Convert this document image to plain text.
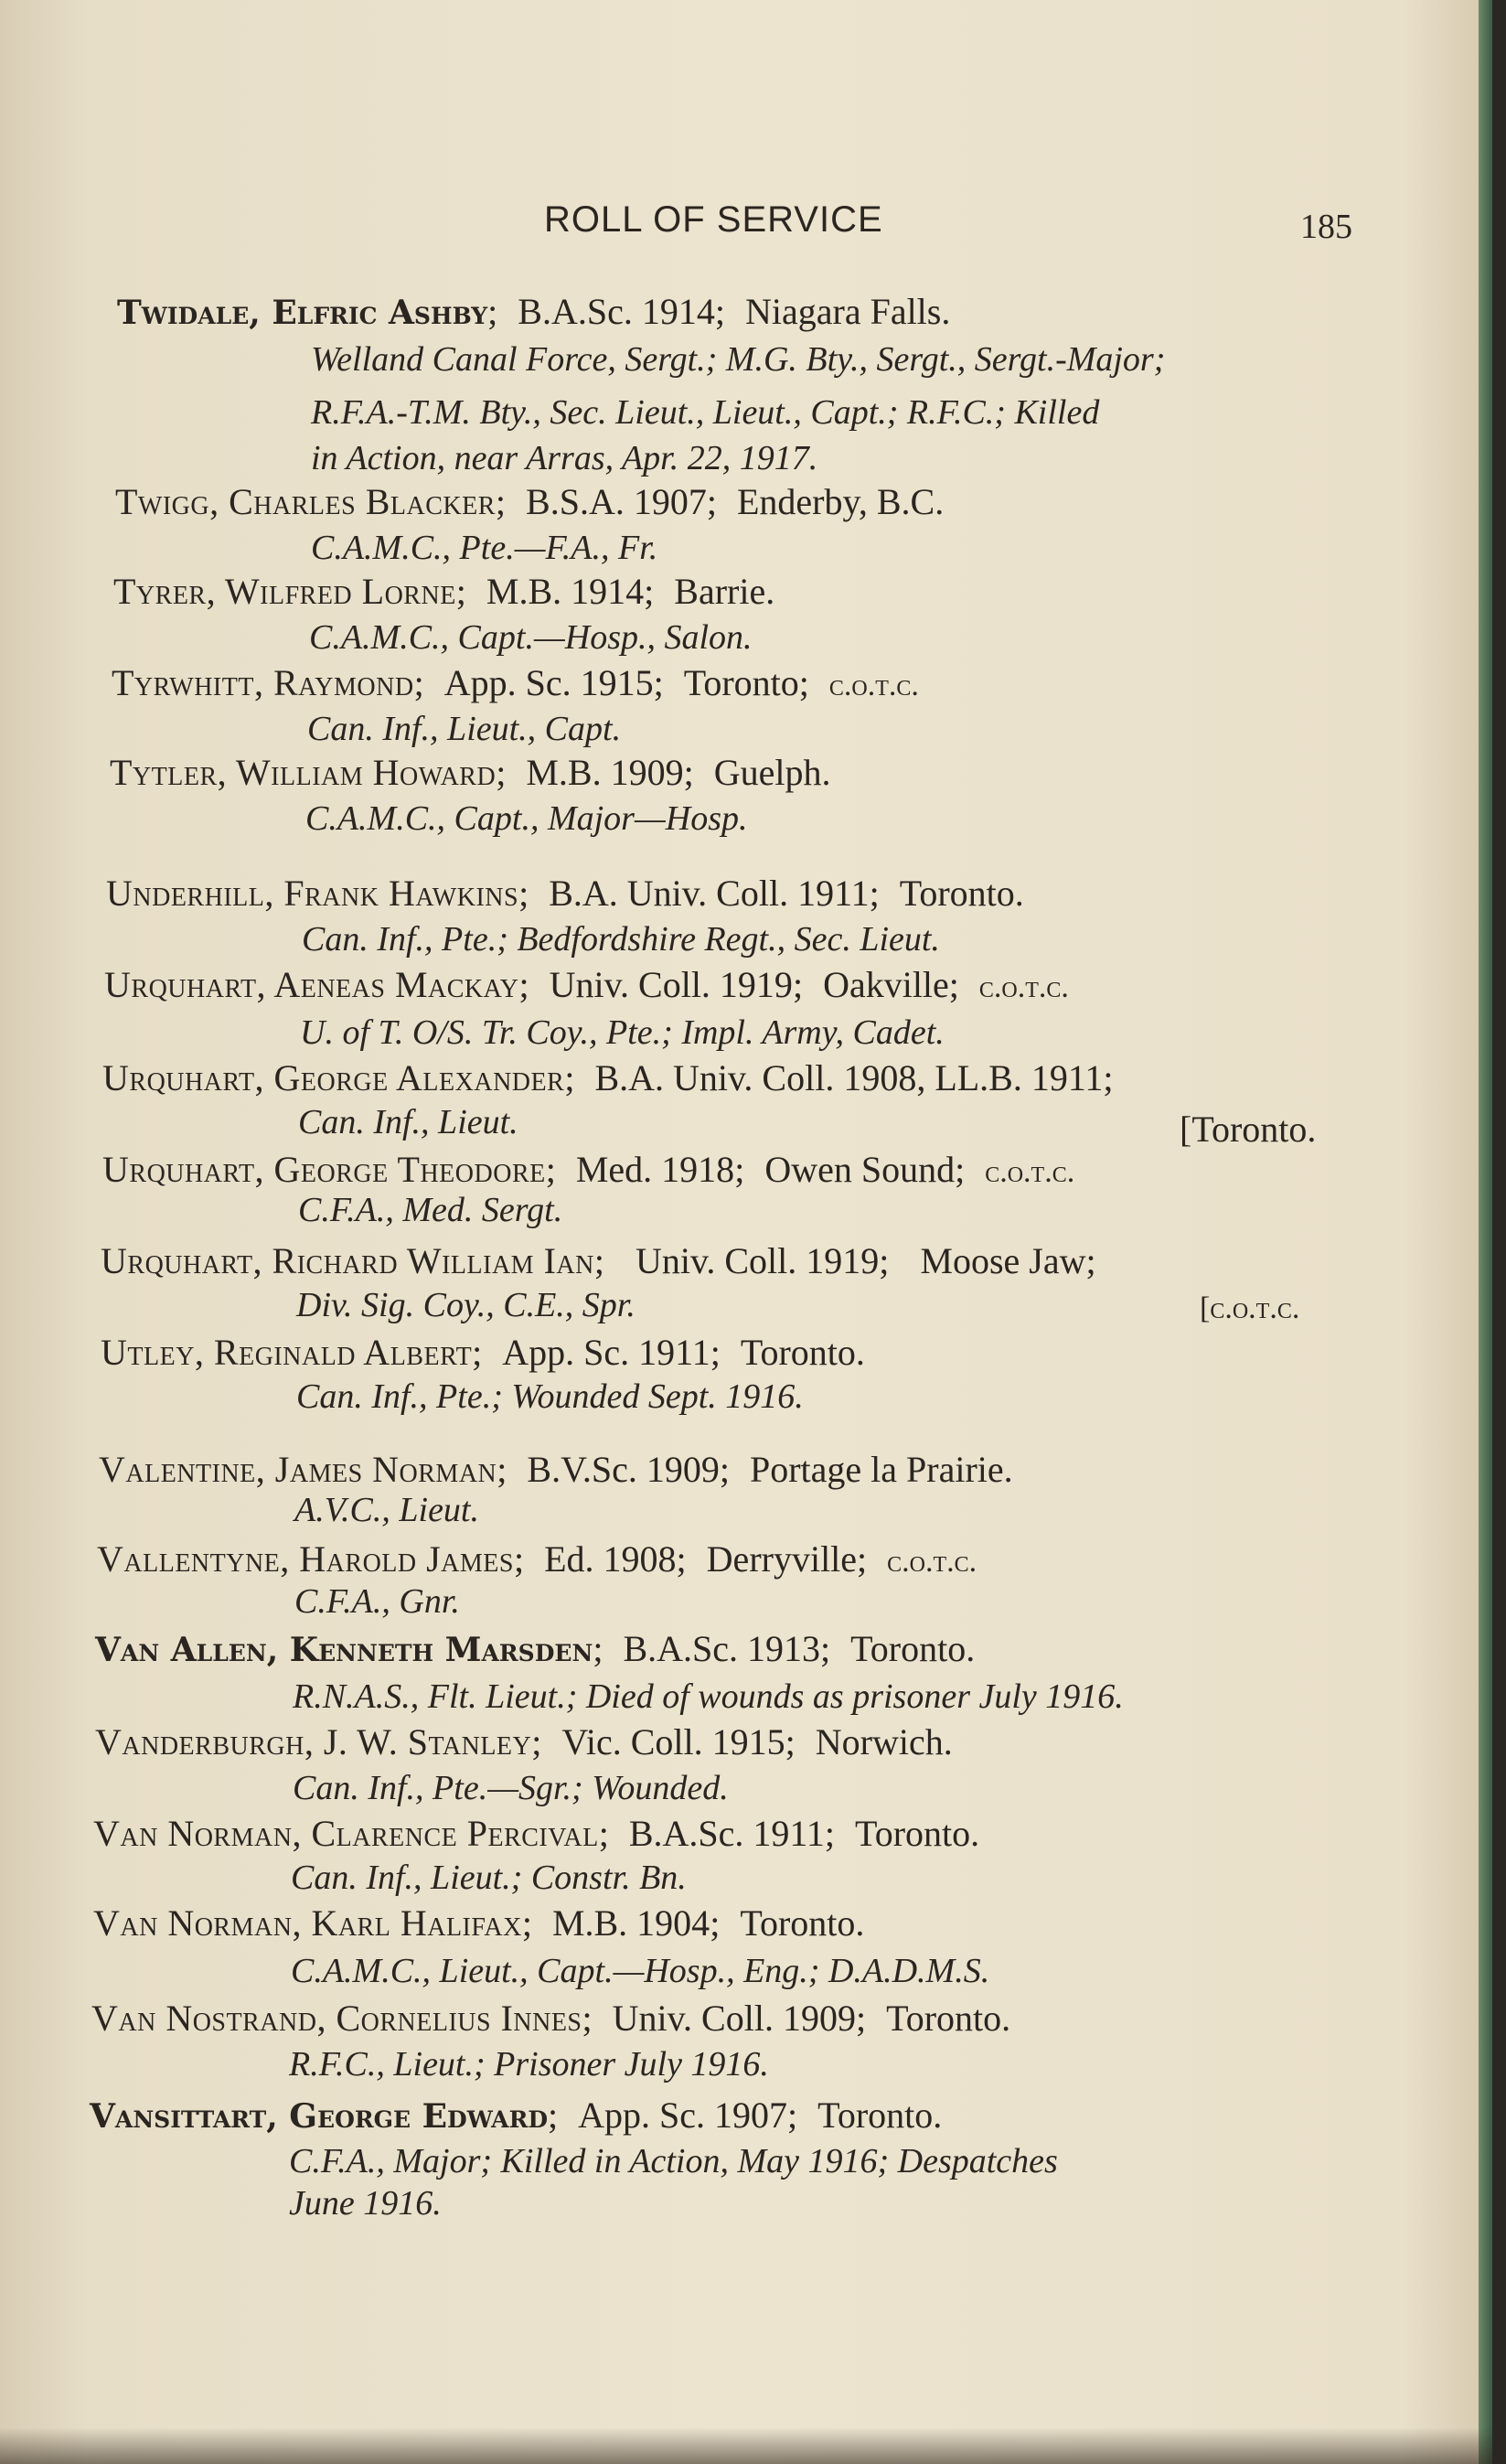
ROLL OF SERVICE	185
Twidale, Elfric Ashby; B.A.Sc. 1914; Niagara Falls.
Welland Canal Force, Sergt.; M.G. Bty., Sergt., Sergt.-Major;
R.F.A.-T.M. Bty., Sec. Lieut., Lieut., Capt.; R.F.C.; Killed
in Action, near Arras, Apr. 22, 1917.
Twigg, Charles Blacker; B.S.A. 1907; Enderby, B.C.
C.A.M.C., Pte.—F.A., Fr.
Tyrer, Wilfred Lorne; M.B. 1914; Barrie.
C.A.M.C., Capt.—Hosp., Salon.
Tyrwhitt, Raymond; App. Sc. 1915; Toronto; c.o.t.c.
Can. Inf., Lieut., Capt.
Tytler, William Howard; M.B. 1909; Guelph.
C.A.M.C., Capt., Major—Hosp.
Underhill, Frank Hawkins; B.A. Univ. Coll. 1911; Toronto.
Can. Inf., Pte.; Bedfordshire Regt., Sec. Lieut.
Urquhart, Aeneas Mackay; Univ. Coll. 1919; Oakville; c.o.t.c.
U. of T. O/S. Tr. Coy., Pte.; Impl. Army, Cadet.
Urquhart, George Alexander; B.A. Univ. Coll. 1908, LL.B. 1911;
Can. Inf., Lieut.	[Toronto.
Urquhart, George Theodore; Med. 1918; Owen Sound; c.o.t.c.
C.F.A., Med. Sergt.
Urquhart, Richard William Ian; Univ. Coll. 1919; Moose Jaw;
Div. Sig. Coy., C.E., Spr.	[c.o.t.c.
Utley, Reginald Albert; App. Sc. 1911; Toronto.
Can. Inf., Pte.; Wounded Sept. 1916.
Valentine, James Norman; B.V.Sc. 1909; Portage la Prairie.
A.V.C., Lieut.
Vallentyne, Harold James; Ed. 1908; Derryville; c.o.t.c.
C.F.A., Gnr.
Van Allen, Kenneth Marsden; B.A.Sc. 1913; Toronto.
R.N.A.S., Flt. Lieut.; Died of wounds as prisoner July 1916.
Vanderburgh, J. W. Stanley; Vic. Coll. 1915; Norwich.
Can. Inf., Pte.—Sgr.; Wounded.
Van Norman, Clarence Percival; B.A.Sc. 1911; Toronto.
Can. Inf., Lieut.; Constr. Bn.
Van Norman, Karl Halifax; M.B. 1904; Toronto.
C.A.M.C., Lieut., Capt.—Hosp., Eng.; D.A.D.M.S.
Van Nostrand, Cornelius Innes; Univ. Coll. 1909; Toronto.
R.F.C., Lieut.; Prisoner July 1916.
Vansittart, George Edward; App. Sc. 1907; Toronto.
C.F.A., Major; Killed in Action, May 1916; Despatches
June 1916.
